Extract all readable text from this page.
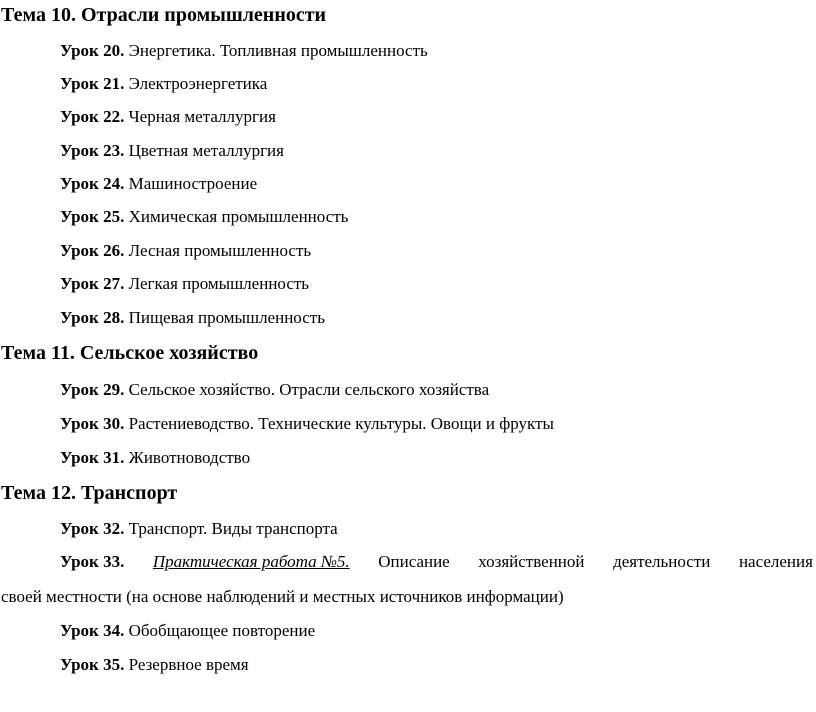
Тема 10. Отрасли промышленности
Урок 20. Энергетика. Топливная промышленность
Урок 21. Электроэнергетика
Урок 22. Черная металлургия
Урок 23. Цветная металлургия
Урок 24. Машиностроение
Урок 25. Химическая промышленность
Урок 26. Лесная промышленность
Урок 27. Легкая промышленность
Урок 28. Пищевая промышленность
Тема 11. Сельское хозяйство
Урок 29. Сельское хозяйство. Отрасли сельского хозяйства
Урок 30. Растениеводство. Технические культуры. Овощи и фрукты
Урок 31. Животноводство
Тема 12. Транспорт
Урок 32. Транспорт. Виды транспорта
Урок 33. Практическая работа №5. Описание хозяйственной деятельности населения
своей местности (на основе наблюдений и местных источников информации)
Урок 34. Обобщающее повторение
Урок 35. Резервное время
